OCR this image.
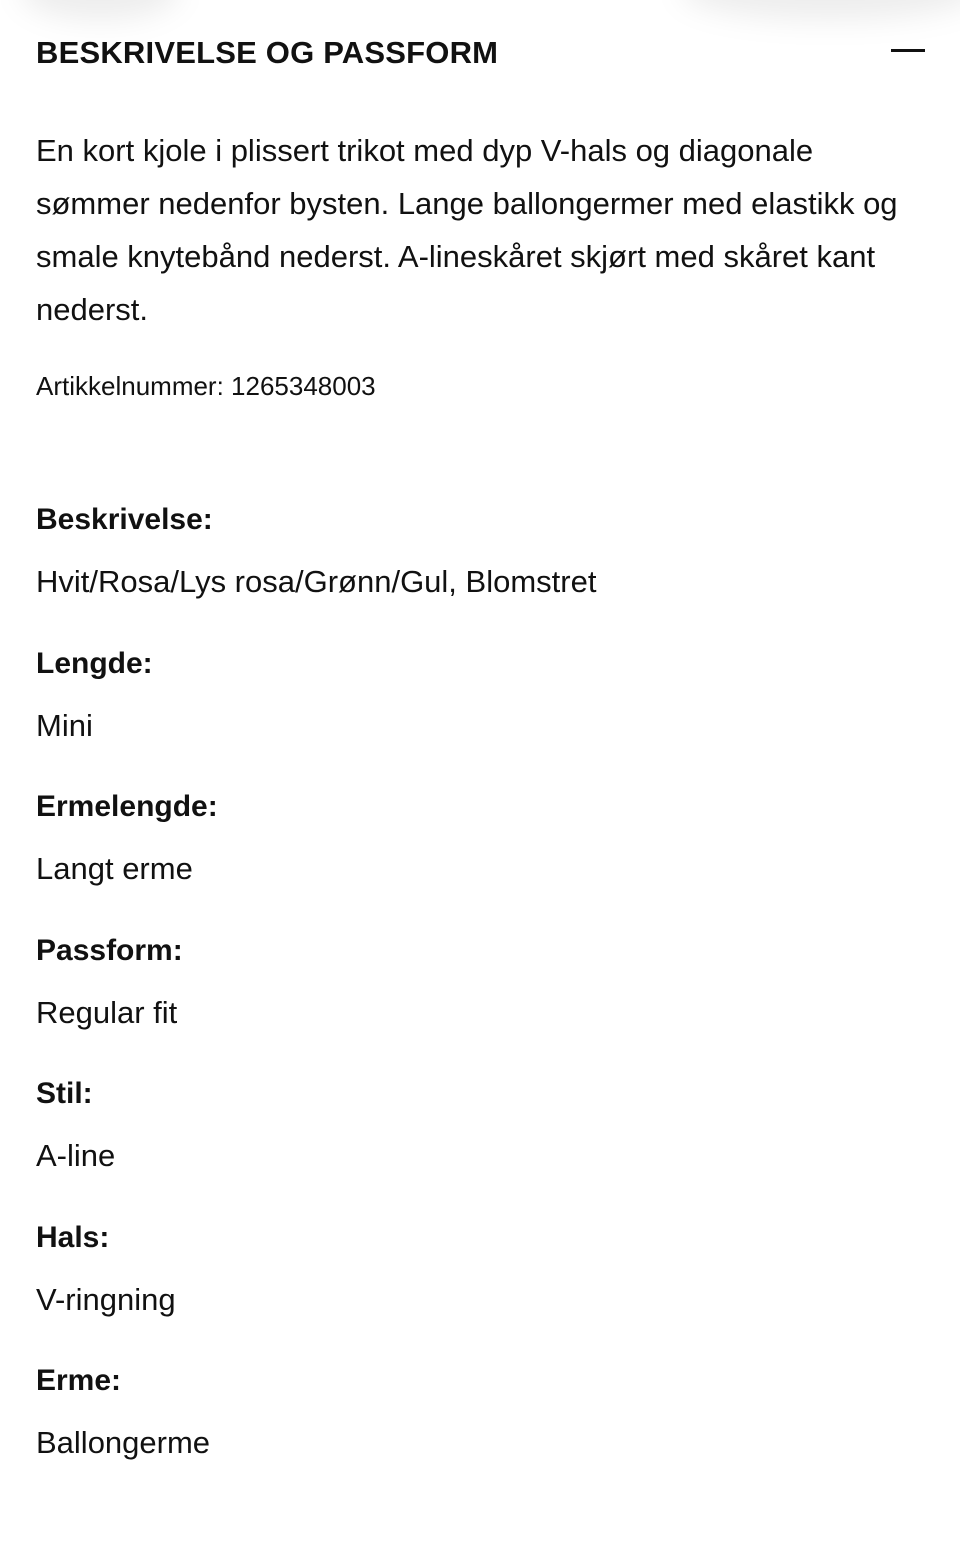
BESKRIVELSE OG PASSFORM

En kort kjole i plissert trikot med dyp V-hals og diagonale sømmer nedenfor bysten. Lange ballongermer med elastikk og smale knytebånd nederst. A-lineskåret skjørt med skåret kant nederst.

Artikkelnummer: 1265348003

Beskrivelse:

Hvit/Rosa/Lys rosa/Grønn/Gul, Blomstret

Lengde:

Mini

Ermelengde:

Langt erme

Passform:

Regular fit

Stil:

A-line

Hals:

V-ringning

Erme:

Ballongerme
